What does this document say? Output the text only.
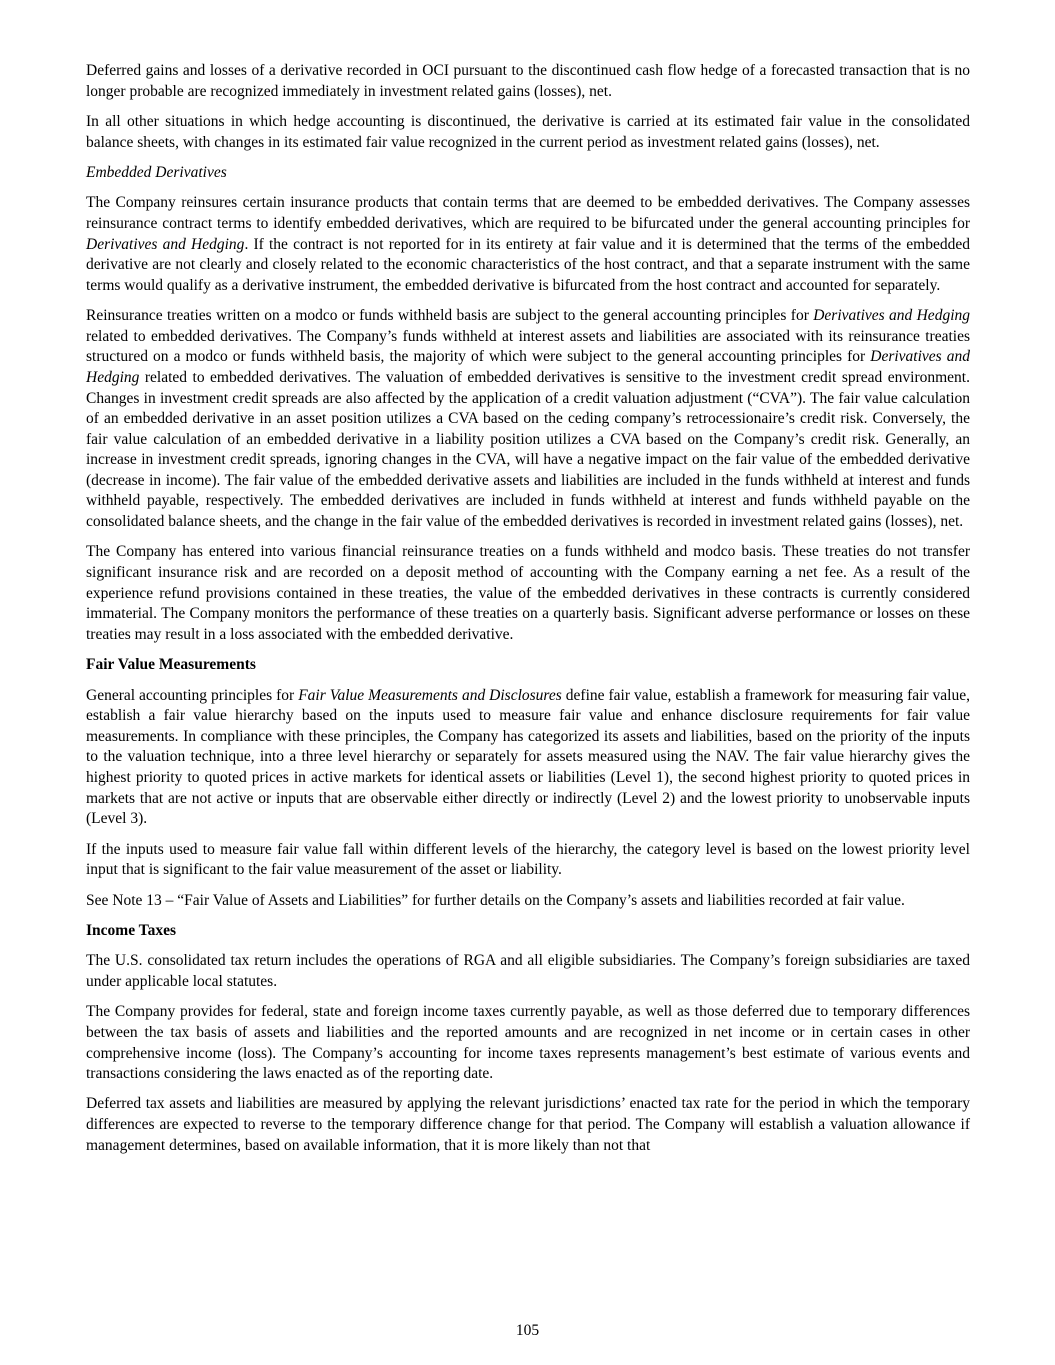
Deferred gains and losses of a derivative recorded in OCI pursuant to the discontinued cash flow hedge of a forecasted transaction that is no longer probable are recognized immediately in investment related gains (losses), net.

In all other situations in which hedge accounting is discontinued, the derivative is carried at its estimated fair value in the consolidated balance sheets, with changes in its estimated fair value recognized in the current period as investment related gains (losses), net.

Embedded Derivatives

The Company reinsures certain insurance products that contain terms that are deemed to be embedded derivatives. The Company assesses reinsurance contract terms to identify embedded derivatives, which are required to be bifurcated under the general accounting principles for Derivatives and Hedging. If the contract is not reported for in its entirety at fair value and it is determined that the terms of the embedded derivative are not clearly and closely related to the economic characteristics of the host contract, and that a separate instrument with the same terms would qualify as a derivative instrument, the embedded derivative is bifurcated from the host contract and accounted for separately.

Reinsurance treaties written on a modco or funds withheld basis are subject to the general accounting principles for Derivatives and Hedging related to embedded derivatives. The Company’s funds withheld at interest assets and liabilities are associated with its reinsurance treaties structured on a modco or funds withheld basis, the majority of which were subject to the general accounting principles for Derivatives and Hedging related to embedded derivatives. The valuation of embedded derivatives is sensitive to the investment credit spread environment. Changes in investment credit spreads are also affected by the application of a credit valuation adjustment (“CVA”). The fair value calculation of an embedded derivative in an asset position utilizes a CVA based on the ceding company’s retrocessionaire’s credit risk. Conversely, the fair value calculation of an embedded derivative in a liability position utilizes a CVA based on the Company’s credit risk. Generally, an increase in investment credit spreads, ignoring changes in the CVA, will have a negative impact on the fair value of the embedded derivative (decrease in income). The fair value of the embedded derivative assets and liabilities are included in the funds withheld at interest and funds withheld payable, respectively. The embedded derivatives are included in funds withheld at interest and funds withheld payable on the consolidated balance sheets, and the change in the fair value of the embedded derivatives is recorded in investment related gains (losses), net.

The Company has entered into various financial reinsurance treaties on a funds withheld and modco basis. These treaties do not transfer significant insurance risk and are recorded on a deposit method of accounting with the Company earning a net fee. As a result of the experience refund provisions contained in these treaties, the value of the embedded derivatives in these contracts is currently considered immaterial. The Company monitors the performance of these treaties on a quarterly basis. Significant adverse performance or losses on these treaties may result in a loss associated with the embedded derivative.

Fair Value Measurements

General accounting principles for Fair Value Measurements and Disclosures define fair value, establish a framework for measuring fair value, establish a fair value hierarchy based on the inputs used to measure fair value and enhance disclosure requirements for fair value measurements. In compliance with these principles, the Company has categorized its assets and liabilities, based on the priority of the inputs to the valuation technique, into a three level hierarchy or separately for assets measured using the NAV. The fair value hierarchy gives the highest priority to quoted prices in active markets for identical assets or liabilities (Level 1), the second highest priority to quoted prices in markets that are not active or inputs that are observable either directly or indirectly (Level 2) and the lowest priority to unobservable inputs (Level 3).

If the inputs used to measure fair value fall within different levels of the hierarchy, the category level is based on the lowest priority level input that is significant to the fair value measurement of the asset or liability.

See Note 13 – “Fair Value of Assets and Liabilities” for further details on the Company’s assets and liabilities recorded at fair value.

Income Taxes

The U.S. consolidated tax return includes the operations of RGA and all eligible subsidiaries. The Company’s foreign subsidiaries are taxed under applicable local statutes.

The Company provides for federal, state and foreign income taxes currently payable, as well as those deferred due to temporary differences between the tax basis of assets and liabilities and the reported amounts and are recognized in net income or in certain cases in other comprehensive income (loss). The Company’s accounting for income taxes represents management’s best estimate of various events and transactions considering the laws enacted as of the reporting date.

Deferred tax assets and liabilities are measured by applying the relevant jurisdictions’ enacted tax rate for the period in which the temporary differences are expected to reverse to the temporary difference change for that period. The Company will establish a valuation allowance if management determines, based on available information, that it is more likely than not that

105
